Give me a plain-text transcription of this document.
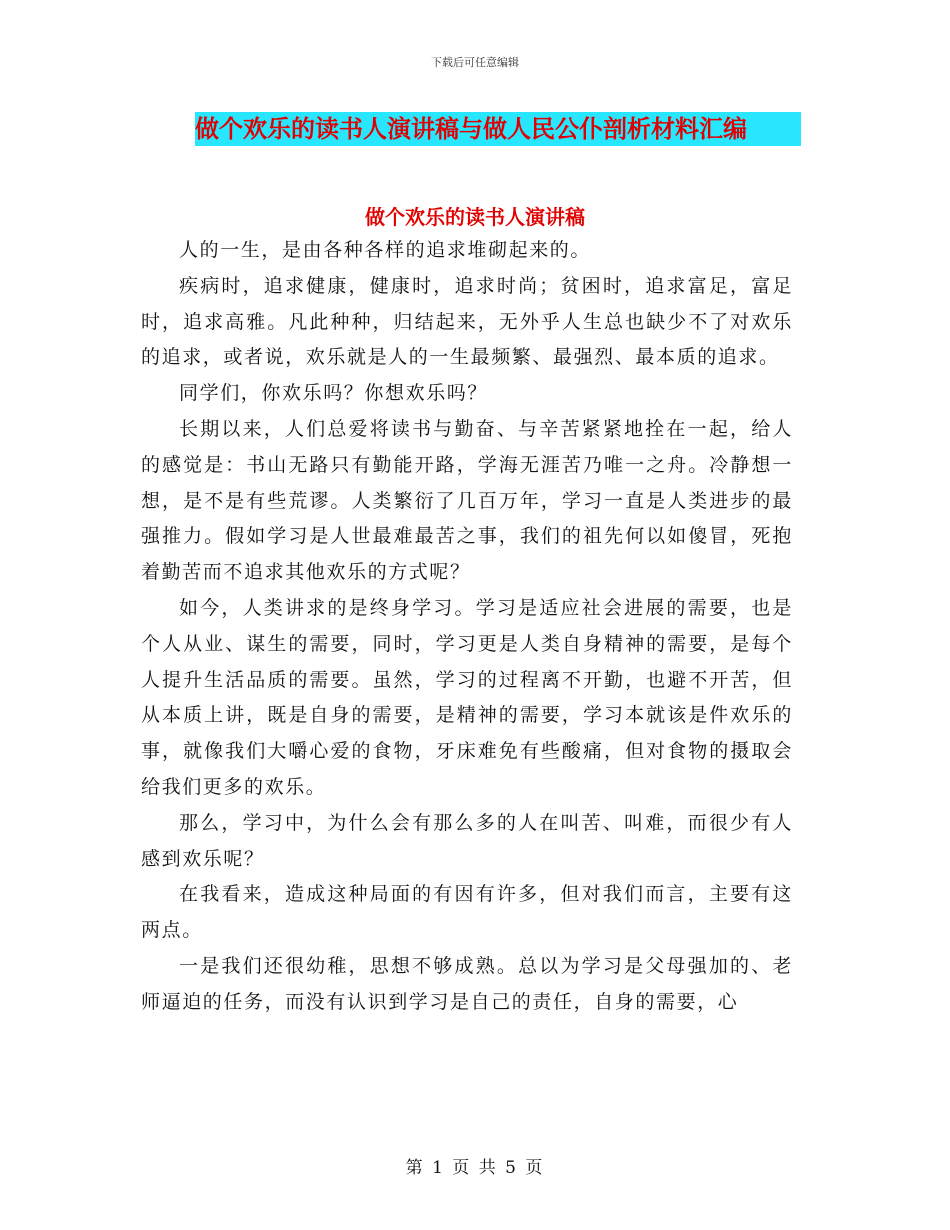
下载后可任意编辑
做个欢乐的读书人演讲稿与做人民公仆剖析材料汇编
做个欢乐的读书人演讲稿

人的一生，是由各种各样的追求堆砌起来的。

疾病时，追求健康，健康时，追求时尚；贫困时，追求富足，富足时，追求高雅。凡此种种，归结起来，无外乎人生总也缺少不了对欢乐的追求，或者说，欢乐就是人的一生最频繁、最强烈、最本质的追求。

同学们，你欢乐吗？你想欢乐吗？

长期以来，人们总爱将读书与勤奋、与辛苦紧紧地拴在一起，给人的感觉是：书山无路只有勤能开路，学海无涯苦乃唯一之舟。冷静想一想，是不是有些荒谬。人类繁衍了几百万年，学习一直是人类进步的最强推力。假如学习是人世最难最苦之事，我们的祖先何以如傻冒，死抱着勤苦而不追求其他欢乐的方式呢？

如今，人类讲求的是终身学习。学习是适应社会进展的需要，也是个人从业、谋生的需要，同时，学习更是人类自身精神的需要，是每个人提升生活品质的需要。虽然，学习的过程离不开勤，也避不开苦，但从本质上讲，既是自身的需要，是精神的需要，学习本就该是件欢乐的事，就像我们大嚼心爱的食物，牙床难免有些酸痛，但对食物的摄取会给我们更多的欢乐。

那么，学习中，为什么会有那么多的人在叫苦、叫难，而很少有人感到欢乐呢？

在我看来，造成这种局面的有因有许多，但对我们而言，主要有这两点。

一是我们还很幼稚，思想不够成熟。总以为学习是父母强加的、老师逼迫的任务，而没有认识到学习是自己的责任，自身的需要，心

第 1 页 共 5 页
